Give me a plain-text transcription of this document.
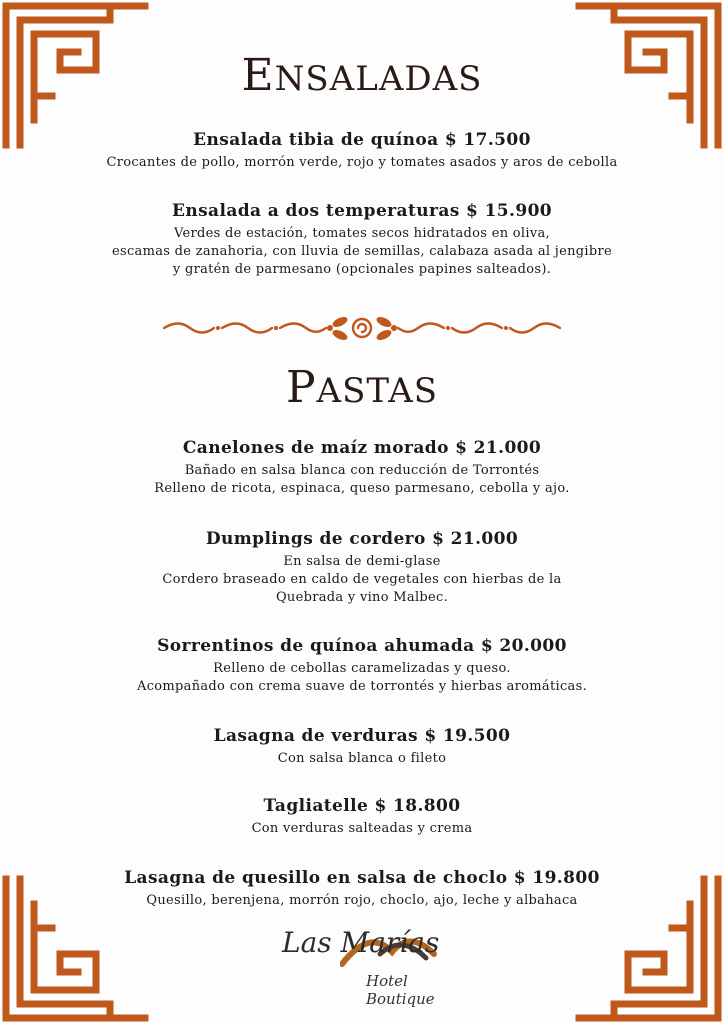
ENSALADAS
Ensalada tibia de quínoa $ 17.500
Crocantes de pollo, morrón verde, rojo y tomates asados y aros de cebolla
Ensalada a dos temperaturas $ 15.900
Verdes de estación, tomates secos hidratados en oliva,
escamas de zanahoria, con lluvia de semillas, calabaza asada al jengibre
y gratén de parmesano (opcionales papines salteados).
PASTAS
Canelones de maíz morado $ 21.000
Bañado en salsa blanca con reducción de Torrontés
Relleno de ricota, espinaca, queso parmesano, cebolla y ajo.
Dumplings de cordero $ 21.000
En salsa de demi-glase
Cordero braseado en caldo de vegetales con hierbas de la
Quebrada y vino Malbec.
Sorrentinos de quínoa ahumada $ 20.000
Relleno de cebollas caramelizadas y queso.
Acompañado con crema suave de torrontés y hierbas aromáticas.
Lasagna de verduras $ 19.500
Con salsa blanca o fileto
Tagliatelle $ 18.800
Con verduras salteadas y crema
Lasagna de quesillo en salsa de choclo $ 19.800
Quesillo, berenjena, morrón rojo, choclo, ajo, leche y albahaca
Las Marías
Hotel Boutique
